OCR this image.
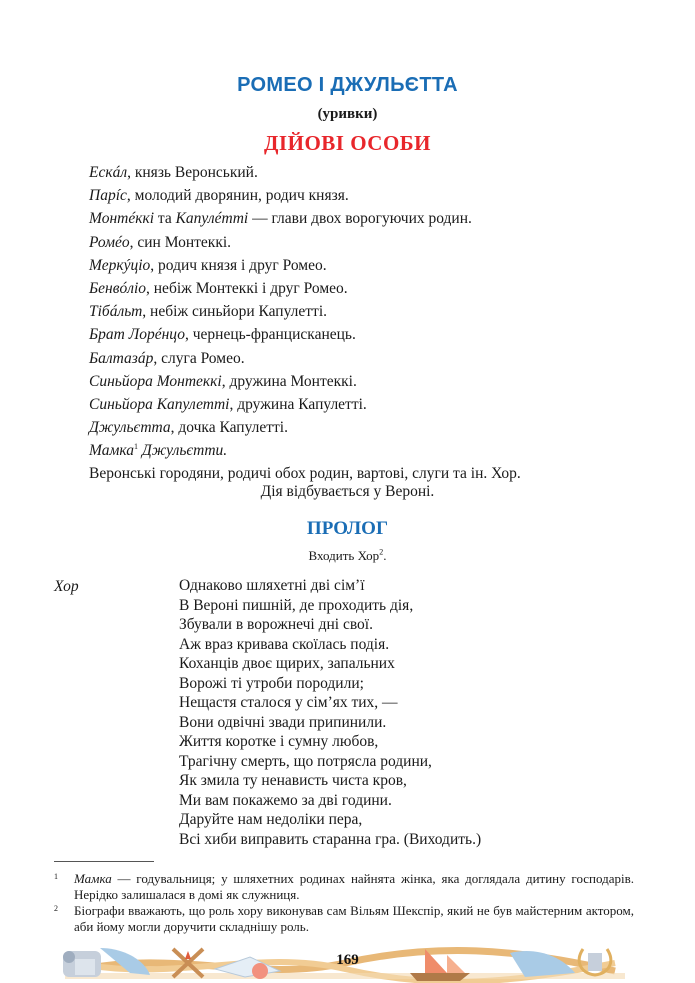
РОМЕО І ДЖУЛЬЄТТА
(уривки)
ДІЙОВІ ОСОБИ
Ескáл, князь Веронський.
Парíс, молодий дворянин, родич князя.
Монтéккі та Капулéтті — глави двох ворогуючих родин.
Ромéо, син Монтеккі.
Меркýціо, родич князя і друг Ромео.
Бенвóліо, небіж Монтеккі і друг Ромео.
Тібáльт, небіж синьйори Капулетті.
Брат Лорéнцо, чернець-францисканець.
Балтазáр, слуга Ромео.
Синьйора Монтеккі, дружина Монтеккі.
Синьйора Капулетті, дружина Капулетті.
Джульєтта, дочка Капулетті.
Мамка$^1$ Джульєтти.
Веронські городяни, родичі обох родин, вартові, слуги та ін. Хор.
Дія відбувається у Вероні.
ПРОЛОГ
Входить Хор$^2$.
Хор	Однаково шляхетні дві сім’ї
В Вероні пишній, де проходить дія,
Збували в ворожнечі дні свої.
Аж враз кривава скоїлась подія.
Коханців двоє щирих, запальних
Ворожі ті утроби породили;
Нещастя сталося у сім’ях тих, —
Вони одвічні звади припинили.
Життя коротке і сумну любов,
Трагічну смерть, що потрясла родини,
Як змила ту ненависть чиста кров,
Ми вам покажемо за дві години.
Даруйте нам недоліки пера,
Всі хиби виправить старанна гра. (Виходить.)
1 Мамка — годувальниця; у шляхетних родинах найнята жінка, яка доглядала дитину господарів. Нерідко залишалася в домі як служниця.
2 Біографи вважають, що роль хору виконував сам Вільям Шекспір, який не був майстерним актором, аби йому могли доручити складнішу роль.
169
